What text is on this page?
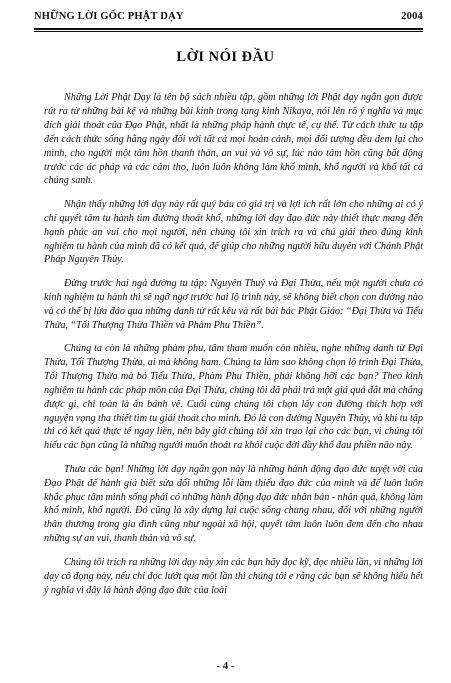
NHỮNG LỜI GỐC PHẬT DẠY	2004
LỜI NÓI ĐẦU

Những Lời Phật Dạy là tên bộ sách nhiều tập, gồm những lời Phật dạy ngắn gọn được rút ra từ những bài kệ và những bài kinh trong tạng kinh Nikaya, nói lên rõ ý nghĩa và mục đích giải thoát của Đạo Phật, nhất là những pháp hành thực tế, cụ thể. Từ cách thức tu tập đến cách thức sống hằng ngày đối với tất cả mọi hoàn cảnh, mọi đối tượng đều đem lại cho mình, cho người một tâm hồn thanh thản, an vui và vô sự, lúc nào tâm hồn cũng bất động trước các ác pháp và các cảm thọ, luôn luôn không làm khổ mình, khổ người và khổ tất cả chúng sanh.

Nhận thấy những lời dạy này rất quý báu có giá trị và lợi ích rất lớn cho những ai có ý chí quyết tâm tu hành tìm đường thoát khổ, những lời dạy đạo đức này thiết thực mang đến hạnh phúc an vui cho mọi người, nên chúng tôi xin trích ra và chú giải theo đúng kinh nghiệm tu hành của mình đã có kết quả, để giúp cho những người hữu duyên với Chánh Phật Pháp Nguyên Thủy.

Đừng trước hai ngả đường tu tập: Nguyên Thuỷ và Đại Thừa, nếu một người chưa có kinh nghiệm tu hành thì sẽ ngỡ ngơ trước hai lộ trình này, sẽ không biết chọn con đường nào và có thể bị lừa đảo qua những danh từ rất kêu và rất bài bác Phật Giáo: “Đại Thừa và Tiểu Thừa, “Tối Thượng Thừa Thiền và Phàm Phu Thiền”.

Chúng ta còn là những phàm phu, tâm tham muốn còn nhiều, nghe những danh từ Đại Thừa, Tối Thượng Thừa, ai mà không ham. Chúng ta làm sao không chọn lộ trình Đại Thừa, Tối Thượng Thừa mà bỏ Tiểu Thừa, Phàm Phu Thiền, phải không hỡi các bạn? Theo kinh nghiệm tu hành các pháp môn của Đại Thừa, chúng tôi đã phải trả một giá quá đắt mà chẳng được gì, chỉ toàn là ấn bánh vẽ. Cuối cùng chúng tôi chọn lấy con đường thích hợp với nguyện vọng tha thiết tìm tu giải thoát cho mình. Đó là con đường Nguyên Thủy, và khi tu tập thì có kết quả thực tế ngay liền, nên bây giờ chúng tôi xin trao lại cho các bạn, vì chúng tôi hiểu các bạn cũng là những người muốn thoát ra khỏi cuộc đời đầy khổ đau phiền não này.

Thưa các bạn! Những lời dạy ngắn gọn này là những hành động đạo đức tuyệt vời của Đạo Phật để hành giả biết sửa đổi những lỗi lầm thiếu đạo đức của mình và để luôn luôn khắc phục tâm mình sống phải có những hành động đạo đức nhân bản - nhân quả, không làm khổ mình, khổ người. Đó cũng là xây dựng lại cuộc sống chung nhau, đối với những người thân thương trong gia đình cũng như ngoài xã hội, quyết tâm luôn luôn đem đến cho nhau những sự an vui, thanh thản và vô sự.

Chúng tôi trích ra những lời dạy này xin các bạn hãy đọc kỹ, đọc nhiều lần, vì những lời dạy cô đọng này, nếu chỉ đọc lướt qua một lần thì chúng tôi e rằng các bạn sẽ không hiểu hết ý nghĩa vì đây là hành động đạo đức của loài

- 4 -
